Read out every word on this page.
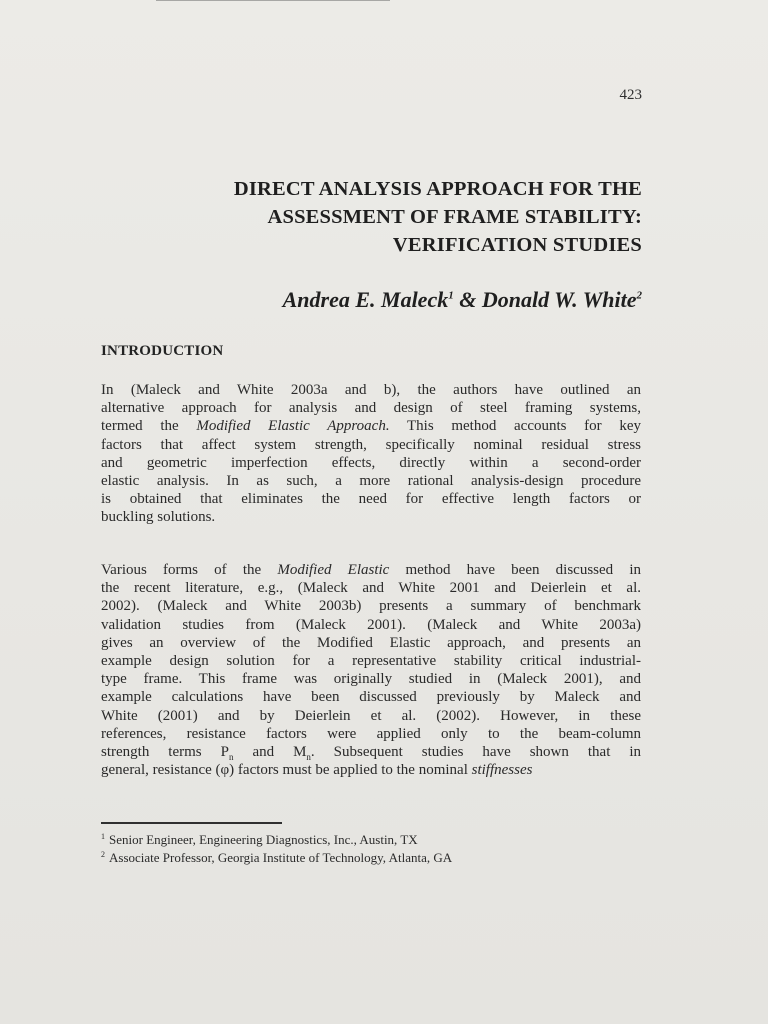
423
DIRECT ANALYSIS APPROACH FOR THE
ASSESSMENT OF FRAME STABILITY:
VERIFICATION STUDIES
Andrea E. Maleck$^1$ & Donald W. White$^2$
INTRODUCTION
In (Maleck and White 2003a and b), the authors have outlined an
alternative approach for analysis and design of steel framing systems,
termed the Modified Elastic Approach. This method accounts for key
factors that affect system strength, specifically nominal residual stress
and geometric imperfection effects, directly within a second-order
elastic analysis. In as such, a more rational analysis-design procedure
is obtained that eliminates the need for effective length factors or
buckling solutions.
Various forms of the Modified Elastic method have been discussed in
the recent literature, e.g., (Maleck and White 2001 and Deierlein et al.
2002). (Maleck and White 2003b) presents a summary of benchmark
validation studies from (Maleck 2001). (Maleck and White 2003a)
gives an overview of the Modified Elastic approach, and presents an
example design solution for a representative stability critical industrial-
type frame. This frame was originally studied in (Maleck 2001), and
example calculations have been discussed previously by Maleck and
White (2001) and by Deierlein et al. (2002). However, in these
references, resistance factors were applied only to the beam-column
strength terms $P_n$ and $M_n$. Subsequent studies have shown that in
general, resistance (φ) factors must be applied to the nominal stiffnesses
$^1$ Senior Engineer, Engineering Diagnostics, Inc., Austin, TX
$^2$ Associate Professor, Georgia Institute of Technology, Atlanta, GA
